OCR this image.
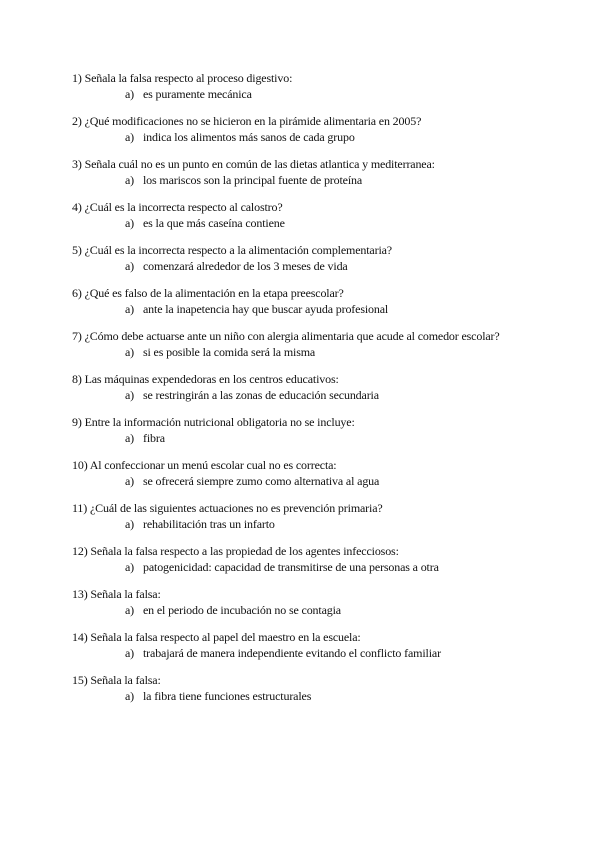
1) Señala la falsa respecto al proceso digestivo:
a) es puramente mecánica
2) ¿Qué modificaciones no se hicieron en la pirámide alimentaria en 2005?
a) indica los alimentos más sanos de cada grupo
3) Señala cuál no es un punto en común de las dietas atlantica y mediterranea:
a) los mariscos son la principal fuente de proteína
4) ¿Cuál es la incorrecta respecto al calostro?
a) es la que más caseína contiene
5) ¿Cuál es la incorrecta respecto a la alimentación complementaria?
a) comenzará alrededor de los 3 meses de vida
6) ¿Qué es falso de la alimentación en la etapa preescolar?
a) ante la inapetencia hay que buscar ayuda profesional
7) ¿Cómo debe actuarse ante un niño con alergia alimentaria que acude al comedor escolar?
a) si es posible la comida será la misma
8) Las máquinas expendedoras en los centros educativos:
a) se restringirán a las zonas de educación secundaria
9) Entre la información nutricional obligatoria no se incluye:
a) fibra
10) Al confeccionar un menú escolar cual no es correcta:
a) se ofrecerá siempre zumo como alternativa al agua
11) ¿Cuál de las siguientes actuaciones no es prevención primaria?
a) rehabilitación tras un infarto
12) Señala la falsa respecto a las propiedad de los agentes infecciosos:
a) patogenicidad: capacidad de transmitirse de una personas a otra
13) Señala la falsa:
a) en el periodo de incubación no se contagia
14) Señala la falsa respecto al papel del maestro en la escuela:
a) trabajará de manera independiente evitando el conflicto familiar
15) Señala la falsa:
a) la fibra tiene funciones estructurales
